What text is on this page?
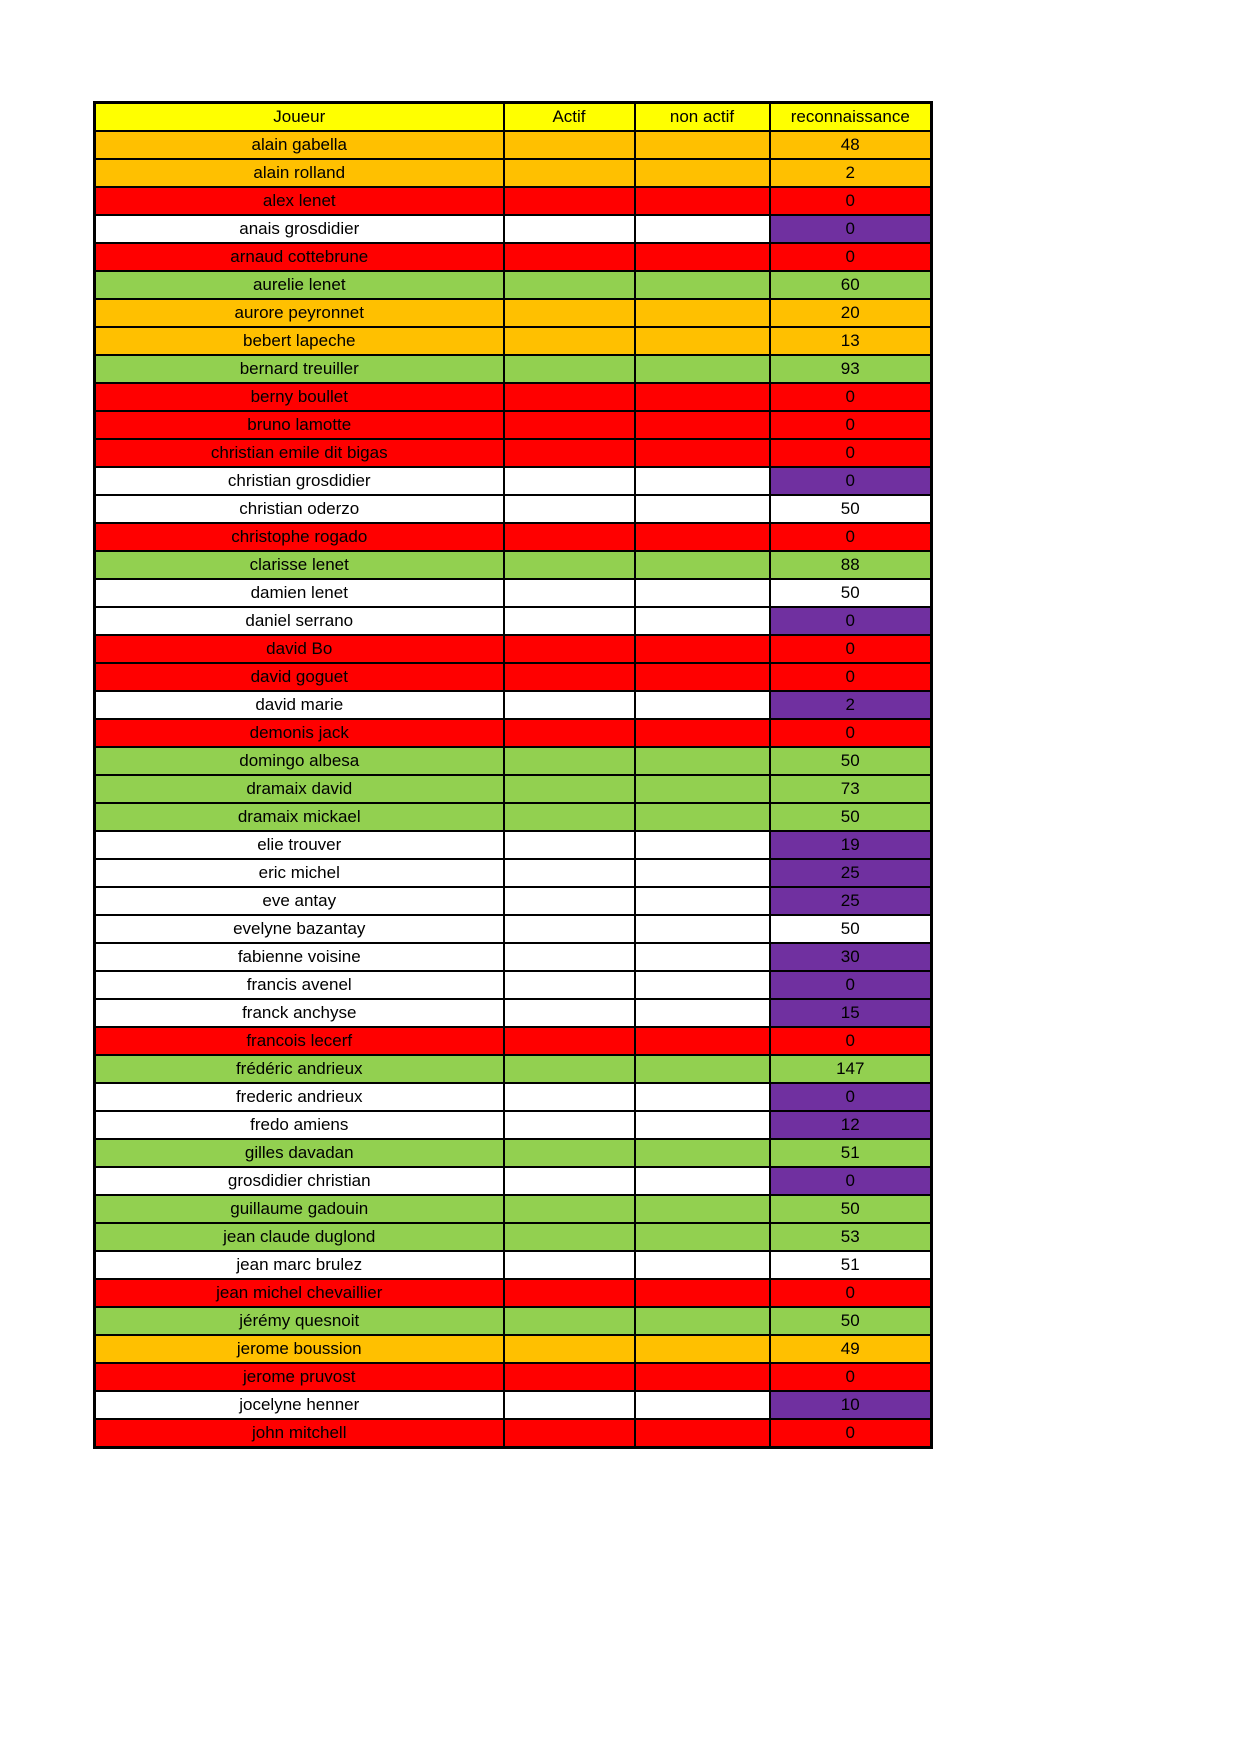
Joueur	Actif	non actif	reconnaissance
alain gabella			48
alain rolland			2
alex lenet			0
anais grosdidier			0
arnaud cottebrune			0
aurelie lenet			60
aurore peyronnet			20
bebert lapeche			13
bernard treuiller			93
berny boullet			0
bruno lamotte			0
christian emile dit bigas			0
christian grosdidier			0
christian oderzo			50
christophe rogado			0
clarisse lenet			88
damien lenet			50
daniel serrano			0
david Bo			0
david goguet			0
david marie			2
demonis jack			0
domingo albesa			50
dramaix david			73
dramaix mickael			50
elie trouver			19
eric michel			25
eve antay			25
evelyne bazantay			50
fabienne voisine			30
francis avenel			0
franck anchyse			15
francois lecerf			0
frédéric andrieux			147
frederic andrieux			0
fredo amiens			12
gilles davadan			51
grosdidier christian			0
guillaume gadouin			50
jean claude duglond			53
jean marc brulez			51
jean michel chevaillier			0
jérémy quesnoit			50
jerome boussion			49
jerome pruvost			0
jocelyne henner			10
john mitchell			0
